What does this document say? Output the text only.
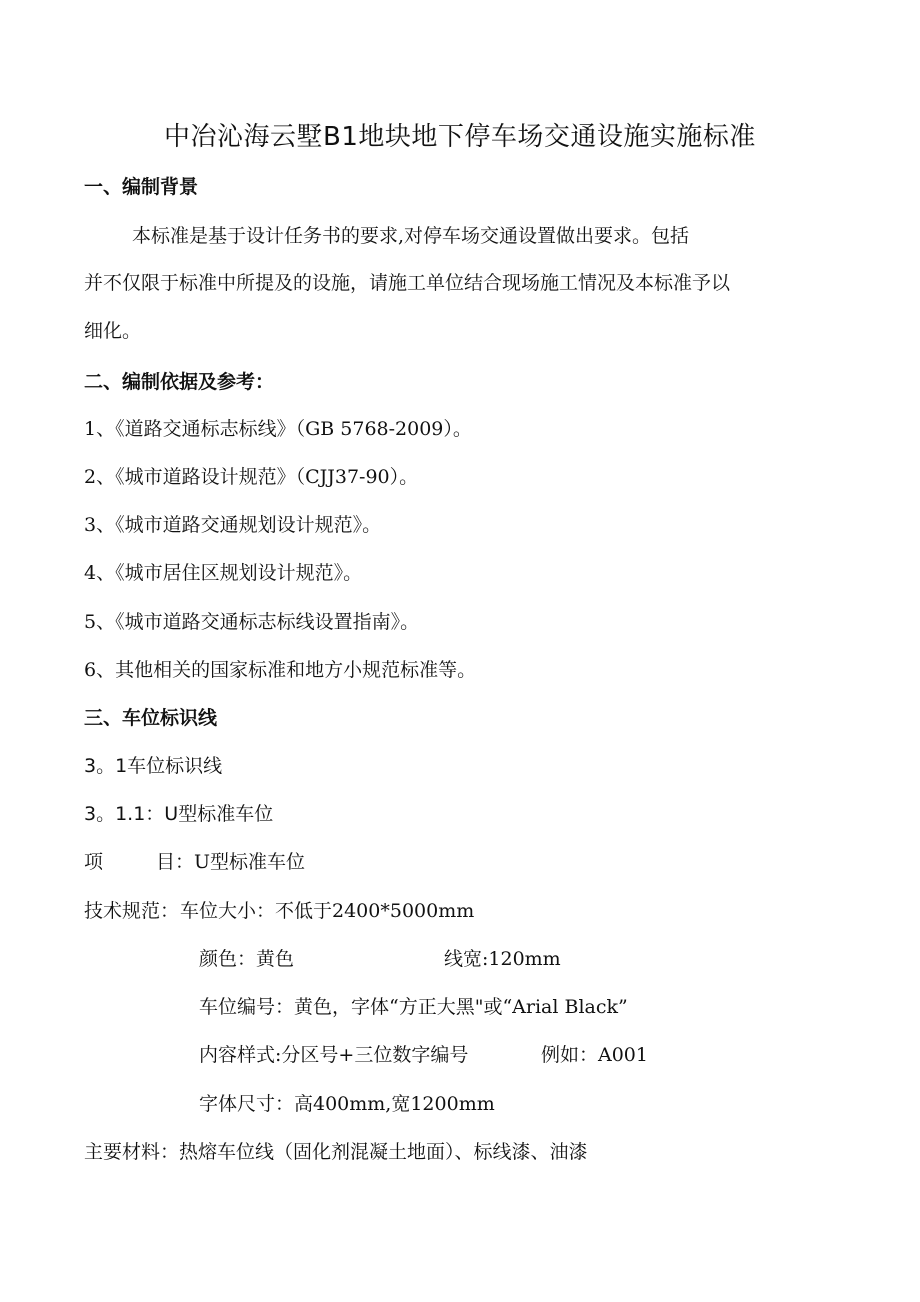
中冶沁海云墅B1地块地下停车场交通设施实施标准
一、编制背景
本标准是基于设计任务书的要求,对停车场交通设置做出要求。包括
并不仅限于标准中所提及的设施，请施工单位结合现场施工情况及本标准予以
细化。
二、编制依据及参考：
1、《道路交通标志标线》（GB 5768-2009）。
2、《城市道路设计规范》（CJJ37-90）。
3、《城市道路交通规划设计规范》。
4、《城市居住区规划设计规范》。
5、《城市道路交通标志标线设置指南》。
6、其他相关的国家标准和地方小规范标准等。
三、车位标识线
3。1车位标识线
3。1.1：U型标准车位
项	目：U型标准车位
技术规范： 车位大小：不低于2400*5000mm
颜色：黄色	线宽:120mm
车位编号：黄色，字体“方正大黑"或“Arial Black”
内容样式:分区号+三位数字编号	例如：A001
字体尺寸：高400mm,宽1200mm
主要材料：热熔车位线（固化剂混凝土地面）、标线漆、油漆
